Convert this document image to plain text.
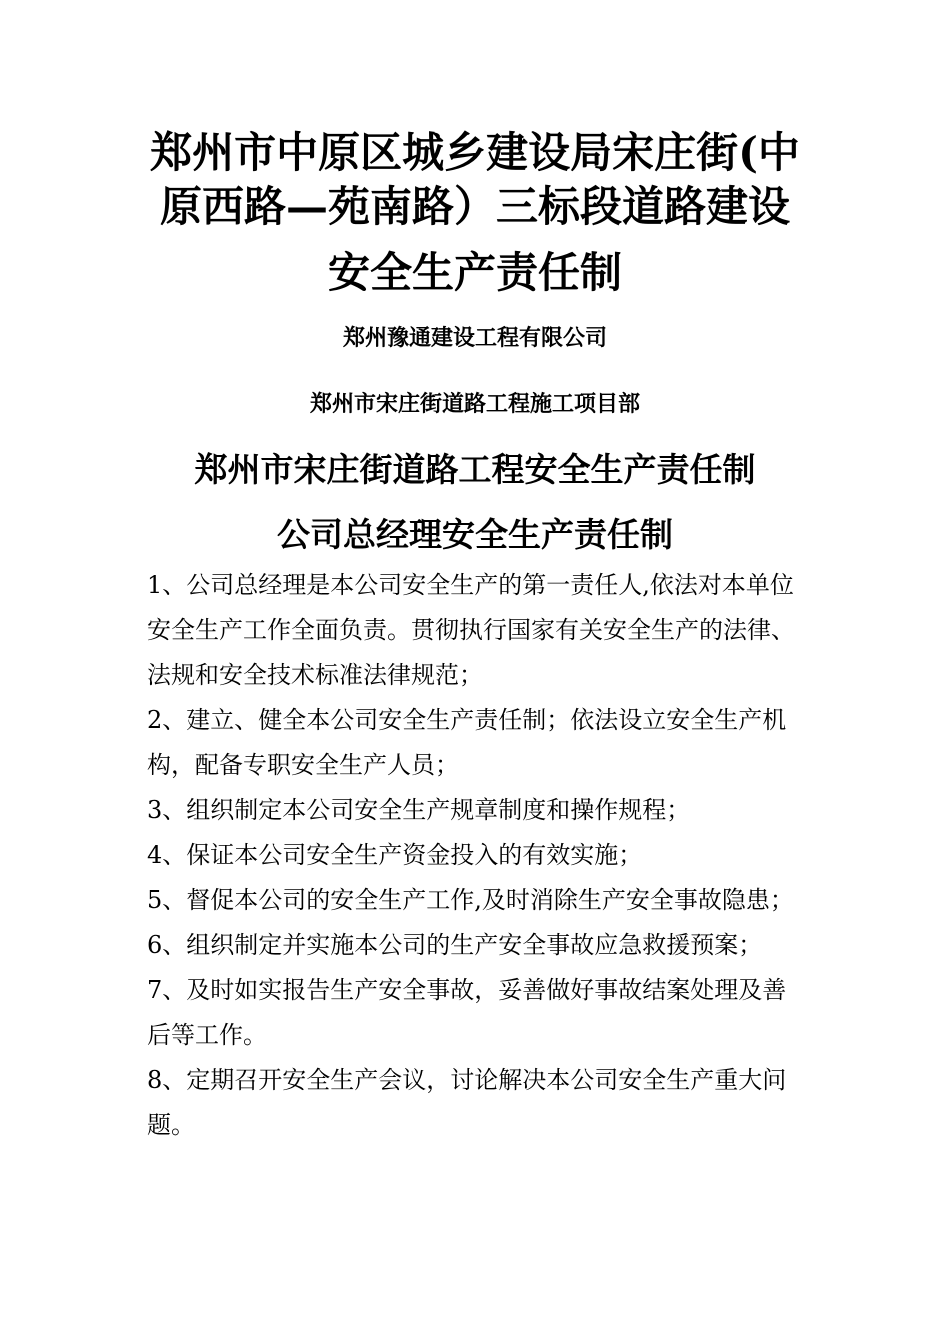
郑州市中原区城乡建设局宋庄街(中
原西路—苑南路）三标段道路建设
安全生产责任制

郑州豫通建设工程有限公司

郑州市宋庄街道路工程施工项目部

郑州市宋庄街道路工程安全生产责任制
公司总经理安全生产责任制

1、公司总经理是本公司安全生产的第一责任人,依法对本单位安全生产工作全面负责。贯彻执行国家有关安全生产的法律、法规和安全技术标准法律规范；

2、建立、健全本公司安全生产责任制；依法设立安全生产机构，配备专职安全生产人员；

3、组织制定本公司安全生产规章制度和操作规程；

4、保证本公司安全生产资金投入的有效实施；

5、督促本公司的安全生产工作,及时消除生产安全事故隐患；

6、组织制定并实施本公司的生产安全事故应急救援预案；

7、及时如实报告生产安全事故，妥善做好事故结案处理及善后等工作。

8、定期召开安全生产会议，讨论解决本公司安全生产重大问题。
